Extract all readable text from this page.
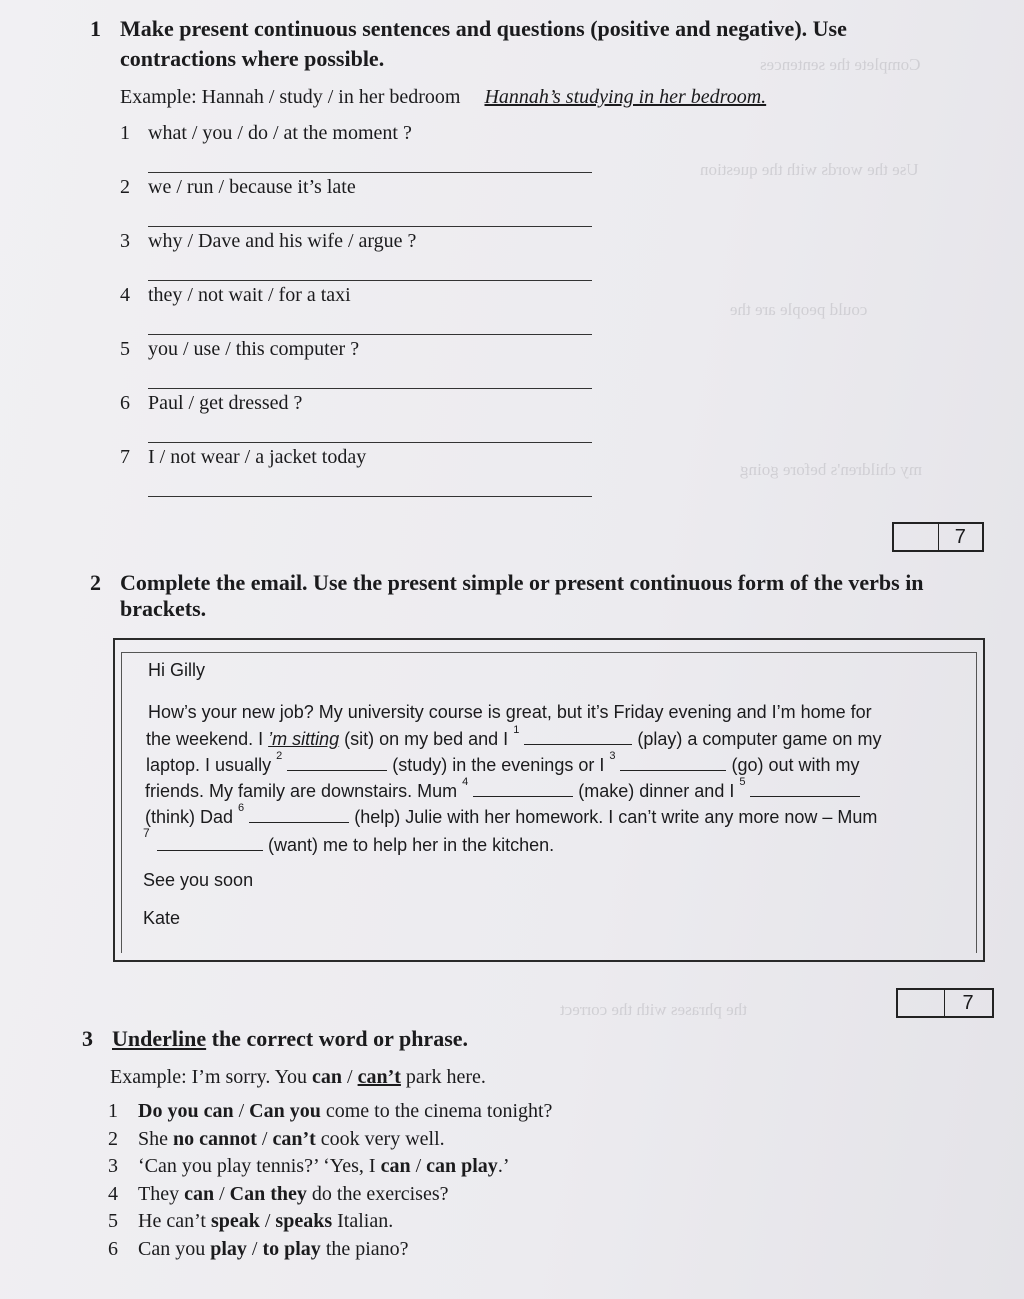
Complete the sentences
Use the words with the question
could people are the
my children's before going
the phrases with the correct
1 Make present continuous sentences and questions (positive and negative). Use
contractions where possible.
Example: Hannah / study / in her bedroom Hannah’s studying in her bedroom.
1 what / you / do / at the moment ?
2 we / run / because it’s late
3 why / Dave and his wife / argue ?
4 they / not wait / for a taxi
5 you / use / this computer ?
6 Paul / get dressed ?
7 I / not wear / a jacket today
7
2 Complete the email. Use the present simple or present continuous form of the verbs in
brackets.
Hi Gilly
How’s your new job? My university course is great, but it’s Friday evening and I’m home for
the weekend. I ’m sitting (sit) on my bed and I $^1$	(play) a computer game on my
laptop. I usually $^2$	(study) in the evenings or I $^3$	(go) out with my
friends. My family are downstairs. Mum $^4$	(make) dinner and I $^5$
(think) Dad $^6$	(help) Julie with her homework. I can’t write any more now – Mum
7
(want) me to help her in the kitchen.
See you soon
Kate
7
3 Underline the correct word or phrase.
Example: I’m sorry. You can / can’t park here.
1 Do you can / Can you come to the cinema tonight?
2 She no cannot / can’t cook very well.
3 ‘Can you play tennis?’ ‘Yes, I can / can play.’
4 They can / Can they do the exercises?
5 He can’t speak / speaks Italian.
6 Can you play / to play the piano?
